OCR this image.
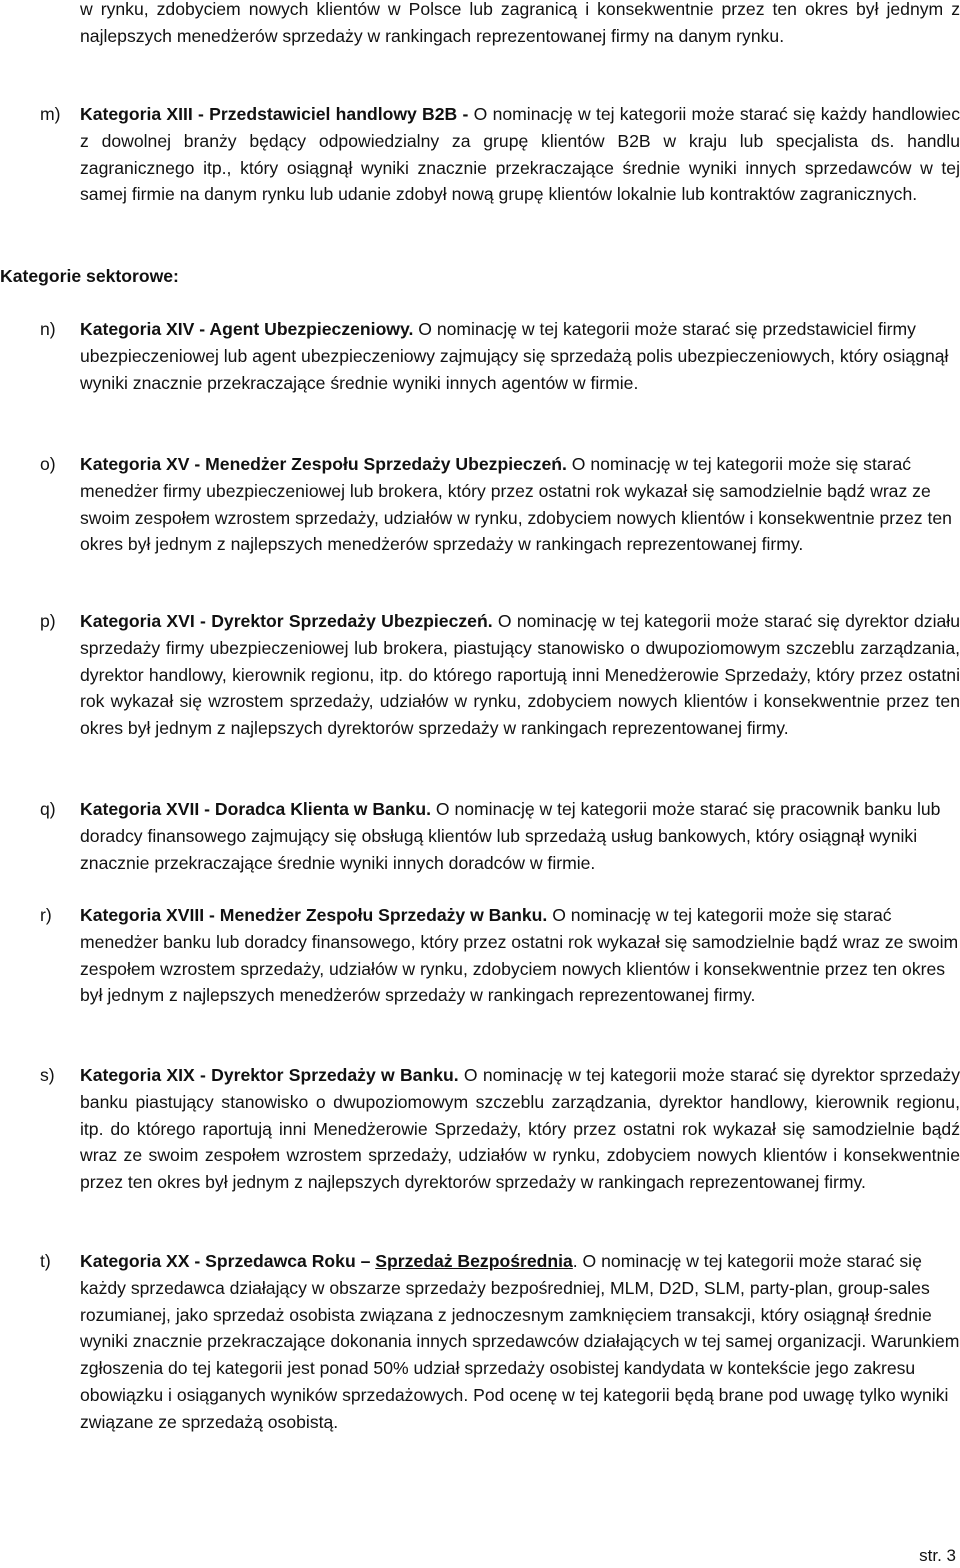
w rynku, zdobyciem nowych klientów w Polsce lub zagranicą i konsekwentnie przez ten okres był jednym z najlepszych menedżerów sprzedaży w rankingach reprezentowanej firmy na danym rynku.
m) Kategoria XIII - Przedstawiciel handlowy B2B - O nominację w tej kategorii może starać się każdy handlowiec z dowolnej branży będący odpowiedzialny za grupę klientów B2B w kraju lub specjalista ds. handlu zagranicznego itp., który osiągnął wyniki znacznie przekraczające średnie wyniki innych sprzedawców w tej samej firmie na danym rynku lub udanie zdobył nową grupę klientów lokalnie lub kontraktów zagranicznych.
Kategorie sektorowe:
n) Kategoria XIV - Agent Ubezpieczeniowy. O nominację w tej kategorii może starać się przedstawiciel firmy ubezpieczeniowej lub agent ubezpieczeniowy zajmujący się sprzedażą polis ubezpieczeniowych, który osiągnął wyniki znacznie przekraczające średnie wyniki innych agentów w firmie.
o) Kategoria XV - Menedżer Zespołu Sprzedaży Ubezpieczeń. O nominację w tej kategorii może się starać menedżer firmy ubezpieczeniowej lub brokera, który przez ostatni rok wykazał się samodzielnie bądź wraz ze swoim zespołem wzrostem sprzedaży, udziałów w rynku, zdobyciem nowych klientów i konsekwentnie przez ten okres był jednym z najlepszych menedżerów sprzedaży w rankingach reprezentowanej firmy.
p) Kategoria XVI - Dyrektor Sprzedaży Ubezpieczeń. O nominację w tej kategorii może starać się dyrektor działu sprzedaży firmy ubezpieczeniowej lub brokera, piastujący stanowisko o dwupoziomowym szczeblu zarządzania, dyrektor handlowy, kierownik regionu, itp. do którego raportują inni Menedżerowie Sprzedaży, który przez ostatni rok wykazał się wzrostem sprzedaży, udziałów w rynku, zdobyciem nowych klientów i konsekwentnie przez ten okres był jednym z najlepszych dyrektorów sprzedaży w rankingach reprezentowanej firmy.
q) Kategoria XVII - Doradca Klienta w Banku. O nominację w tej kategorii może starać się pracownik banku lub doradcy finansowego zajmujący się obsługą klientów lub sprzedażą usług bankowych, który osiągnął wyniki znacznie przekraczające średnie wyniki innych doradców w firmie.
r) Kategoria XVIII - Menedżer Zespołu Sprzedaży w Banku. O nominację w tej kategorii może się starać menedżer banku lub doradcy finansowego, który przez ostatni rok wykazał się samodzielnie bądź wraz ze swoim zespołem wzrostem sprzedaży, udziałów w rynku, zdobyciem nowych klientów i konsekwentnie przez ten okres był jednym z najlepszych menedżerów sprzedaży w rankingach reprezentowanej firmy.
s) Kategoria XIX - Dyrektor Sprzedaży w Banku. O nominację w tej kategorii może starać się dyrektor sprzedaży banku piastujący stanowisko o dwupoziomowym szczeblu zarządzania, dyrektor handlowy, kierownik regionu, itp. do którego raportują inni Menedżerowie Sprzedaży, który przez ostatni rok wykazał się samodzielnie bądź wraz ze swoim zespołem wzrostem sprzedaży, udziałów w rynku, zdobyciem nowych klientów i konsekwentnie przez ten okres był jednym z najlepszych dyrektorów sprzedaży w rankingach reprezentowanej firmy.
t) Kategoria XX - Sprzedawca Roku – Sprzedaż Bezpośrednia. O nominację w tej kategorii może starać się każdy sprzedawca działający w obszarze sprzedaży bezpośredniej, MLM, D2D, SLM, party-plan, group-sales rozumianej, jako sprzedaż osobista związana z jednoczesnym zamknięciem transakcji, który osiągnął średnie wyniki znacznie przekraczające dokonania innych sprzedawców działających w tej samej organizacji. Warunkiem zgłoszenia do tej kategorii jest ponad 50% udział sprzedaży osobistej kandydata w kontekście jego zakresu obowiązku i osiąganych wyników sprzedażowych. Pod ocenę w tej kategorii będą brane pod uwagę tylko wyniki związane ze sprzedażą osobistą.
str. 3
